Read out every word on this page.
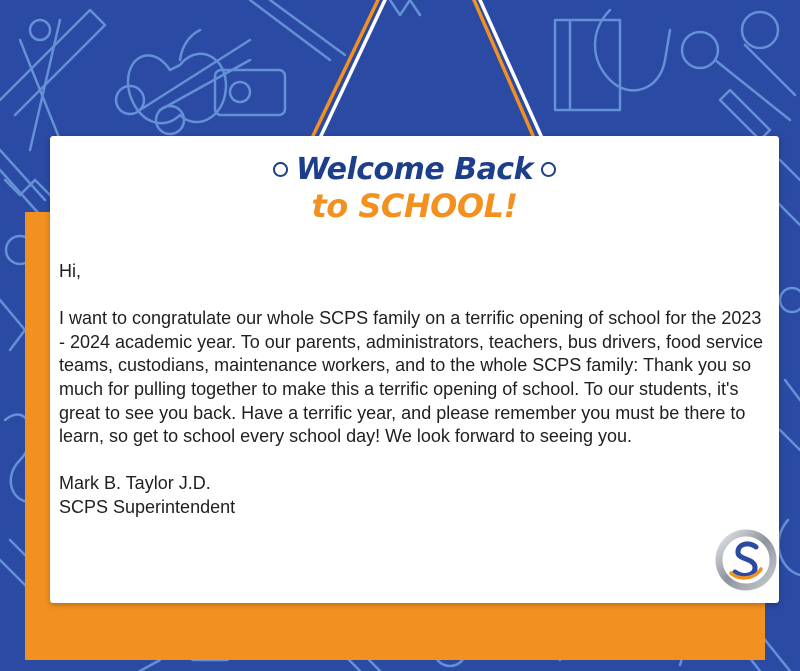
Welcome Back
to SCHOOL!

Hi,

I want to congratulate our whole SCPS family on a terrific opening of school for the 2023 - 2024 academic year. To our parents, administrators, teachers, bus drivers, food service teams, custodians, maintenance workers, and to the whole SCPS family: Thank you so much for pulling together to make this a terrific opening of school. To our students, it's great to see you back. Have a terrific year, and please remember you must be there to learn, so get to school every school day! We look forward to seeing you.

Mark B. Taylor J.D.

SCPS Superintendent
